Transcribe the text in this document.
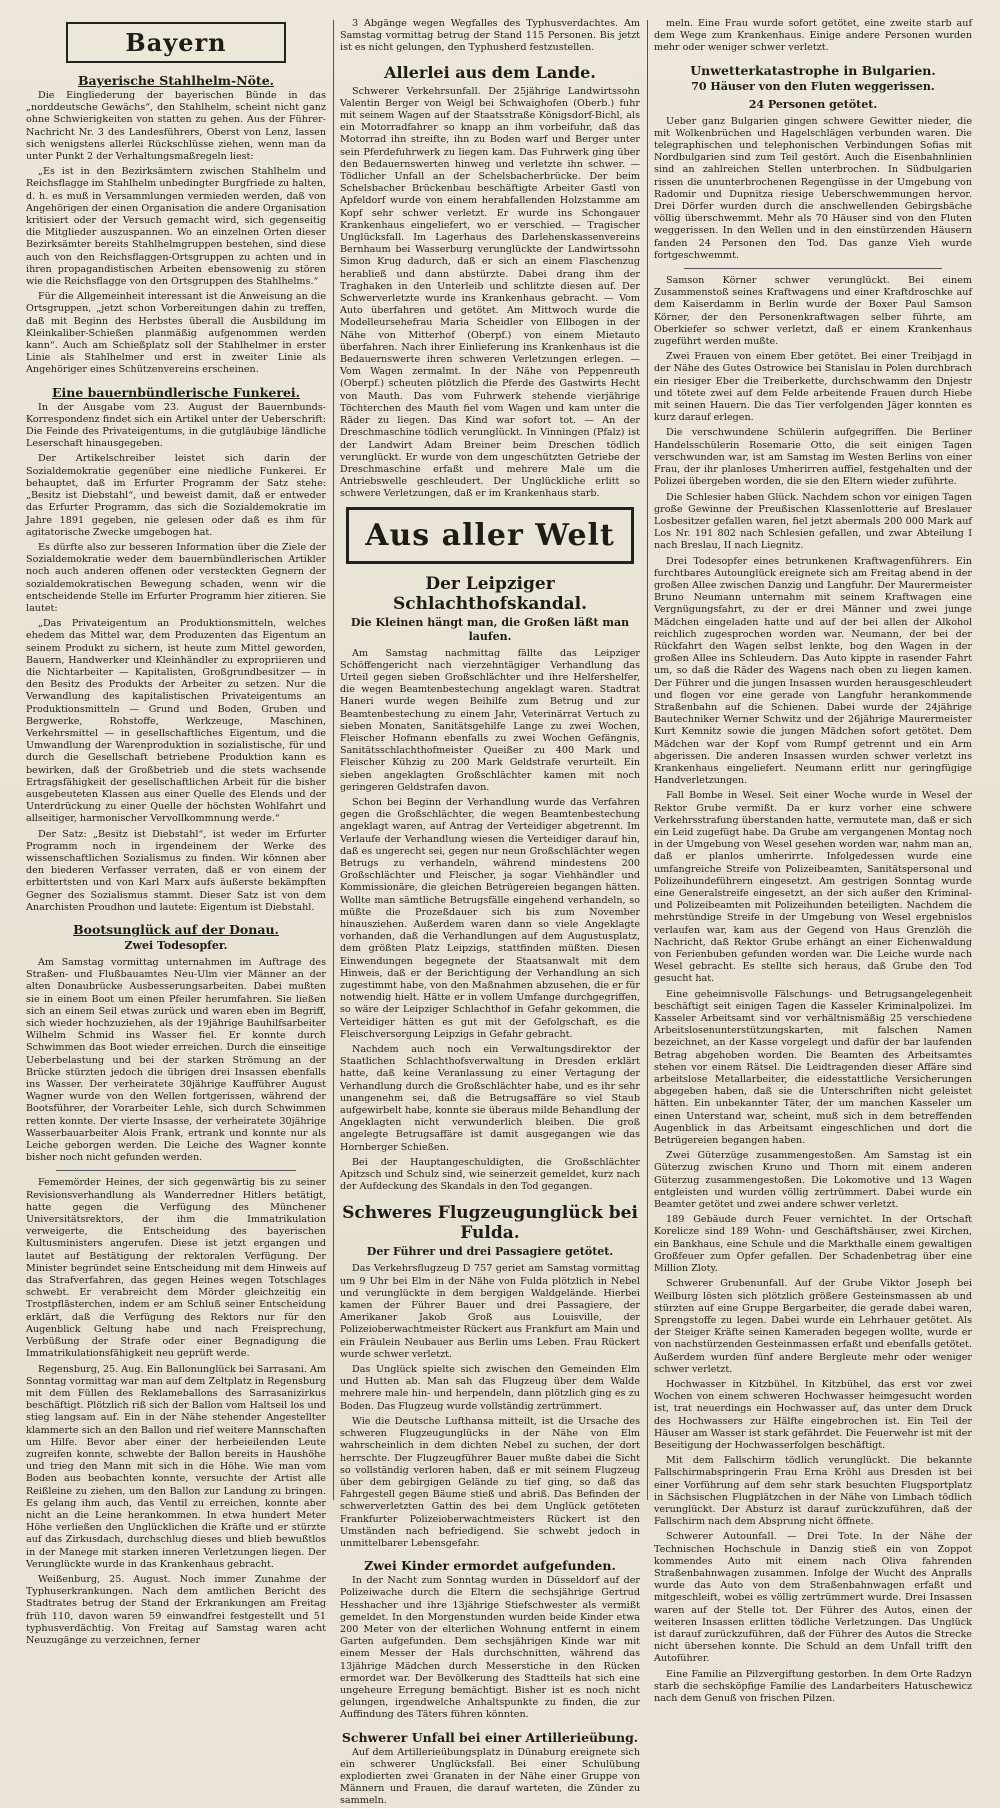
Bayern
Bayerische Stahlhelm-Nöte.

Die Eingliederung der bayerischen Bünde in das „norddeutsche Gewächs“, den Stahlhelm, scheint nicht ganz ohne Schwierigkeiten von statten zu gehen. Aus der Führer-Nachricht Nr. 3 des Landesführers, Oberst von Lenz, lassen sich wenigstens allerlei Rückschlüsse ziehen, wenn man da unter Punkt 2 der Verhaltungsmaßregeln liest:

„Es ist in den Bezirksämtern zwischen Stahlhelm und Reichsflagge im Stahlhelm unbedingter Burgfriede zu halten, d. h. es muß in Versammlungen vermieden werden, daß von Angehörigen der einen Organisation die andere Organisation kritisiert oder der Versuch gemacht wird, sich gegenseitig die Mitglieder auszuspannen. Wo an einzelnen Orten dieser Bezirksämter bereits Stahlhelmgruppen bestehen, sind diese auch von den Reichsflaggen-Ortsgruppen zu achten und in ihren propagandistischen Arbeiten ebensowenig zu stören wie die Reichsflagge von den Ortsgruppen des Stahlhelms.“

Für die Allgemeinheit interessant ist die Anweisung an die Ortsgruppen, „jetzt schon Vorbereitungen dahin zu treffen, daß mit Beginn des Herbstes überall die Ausbildung im Kleinkaliber-Schießen planmäßig aufgenommen werden kann“. Auch am Schießplatz soll der Stahlhelmer in erster Linie als Stahlhelmer und erst in zweiter Linie als Angehöriger eines Schützenvereins erscheinen.

Eine bauernbündlerische Funkerei.

In der Ausgabe vom 23. August der Bauernbunds-Korrespondenz findet sich ein Artikel unter der Ueberschrift: Die Feinde des Privateigentums, in die gutgläubige ländliche Leserschaft hinausgegeben.

Der Artikelschreiber leistet sich darin der Sozialdemokratie gegenüber eine niedliche Funkerei. Er behauptet, daß im Erfurter Programm der Satz stehe: „Besitz ist Diebstahl“, und beweist damit, daß er entweder das Erfurter Programm, das sich die Sozialdemokratie im Jahre 1891 gegeben, nie gelesen oder daß es ihm für agitatorische Zwecke umgebogen hat.

Es dürfte also zur besseren Information über die Ziele der Sozialdemokratie weder dem bauernbündlerischen Artikler noch auch anderen offenen oder versteckten Gegnern der sozialdemokratischen Bewegung schaden, wenn wir die entscheidende Stelle im Erfurter Programm hier zitieren. Sie lautet:

„Das Privateigentum an Produktionsmitteln, welches ehedem das Mittel war, dem Produzenten das Eigentum an seinem Produkt zu sichern, ist heute zum Mittel geworden, Bauern, Handwerker und Kleinhändler zu expropriieren und die Nichtarbeiter — Kapitalisten, Großgrundbesitzer — in den Besitz des Produkts der Arbeiter zu setzen. Nur die Verwandlung des kapitalistischen Privateigentums an Produktionsmitteln — Grund und Boden, Gruben und Bergwerke, Rohstoffe, Werkzeuge, Maschinen, Verkehrsmittel — in gesellschaftliches Eigentum, und die Umwandlung der Warenproduktion in sozialistische, für und durch die Gesellschaft betriebene Produktion kann es bewirken, daß der Großbetrieb und die stets wachsende Ertragsfähigkeit der gesellschaftlichen Arbeit für die bisher ausgebeuteten Klassen aus einer Quelle des Elends und der Unterdrückung zu einer Quelle der höchsten Wohlfahrt und allseitiger, harmonischer Vervollkommnung werde.“

Der Satz: „Besitz ist Diebstahl“, ist weder im Erfurter Programm noch in irgendeinem der Werke des wissenschaftlichen Sozialismus zu finden. Wir können aber den biederen Verfasser verraten, daß er von einem der erbittertsten und von Karl Marx aufs äußerste bekämpften Gegner des Sozialismus stammt. Dieser Satz ist von dem Anarchisten Proudhon und lautete: Eigentum ist Diebstahl.

Bootsunglück auf der Donau.
Zwei Todesopfer.

Am Samstag vormittag unternahmen im Auftrage des Straßen- und Flußbauamtes Neu-Ulm vier Männer an der alten Donaubrücke Ausbesserungsarbeiten. Dabei mußten sie in einem Boot um einen Pfeiler herumfahren. Sie ließen sich an einem Seil etwas zurück und waren eben im Begriff, sich wieder hochzuziehen, als der 19jährige Bauhilfsarbeiter Wilhelm Schmid ins Wasser fiel. Er konnte durch Schwimmen das Boot wieder erreichen. Durch die einseitige Ueberbelastung und bei der starken Strömung an der Brücke stürzten jedoch die übrigen drei Insassen ebenfalls ins Wasser. Der verheiratete 30jährige Kaufführer August Wagner wurde von den Wellen fortgerissen, während der Bootsführer, der Vorarbeiter Lehle, sich durch Schwimmen retten konnte. Der vierte Insasse, der verheiratete 30jährige Wasserbauarbeiter Alois Frank, ertrank und konnte nur als Leiche geborgen werden. Die Leiche des Wagner konnte bisher noch nicht gefunden werden.

Fememörder Heines, der sich gegenwärtig bis zu seiner Revisionsverhandlung als Wanderredner Hitlers betätigt, hatte gegen die Verfügung des Münchener Universitätsrektors, der ihm die Immatrikulation verweigerte, die Entscheidung des bayerischen Kultusministers angerufen. Diese ist jetzt ergangen und lautet auf Bestätigung der rektoralen Verfügung. Der Minister begründet seine Entscheidung mit dem Hinweis auf das Strafverfahren, das gegen Heines wegen Totschlages schwebt. Er verabreicht dem Mörder gleichzeitig ein Trostpflästerchen, indem er am Schluß seiner Entscheidung erklärt, daß die Verfügung des Rektors nur für den Augenblick Geltung habe und nach Freisprechung, Verbüßung der Strafe oder einer Begnadigung die Immatrikulationsfähigkeit neu geprüft werde.

Regensburg, 25. Aug. Ein Ballonunglück bei Sarrasani. Am Sonntag vormittag war man auf dem Zeltplatz in Regensburg mit dem Füllen des Reklameballons des Sarrasanizirkus beschäftigt. Plötzlich riß sich der Ballon vom Haltseil los und stieg langsam auf. Ein in der Nähe stehender Angestellter klammerte sich an den Ballon und rief weitere Mannschaften um Hilfe. Bevor aber einer der herbeieilenden Leute zugreifen konnte, schwebte der Ballon bereits in Haushöhe und trieg den Mann mit sich in die Höhe. Wie man vom Boden aus beobachten konnte, versuchte der Artist alle Reißleine zu ziehen, um den Ballon zur Landung zu bringen. Es gelang ihm auch, das Ventil zu erreichen, konnte aber nicht an die Leine herankommen. In etwa hundert Meter Höhe verließen den Unglücklichen die Kräfte und er stürzte auf das Zirkusdach, durchschlug dieses und blieb bewußtlos in der Manege mit starken inneren Verletzungen liegen. Der Verunglückte wurde in das Krankenhaus gebracht.

Weißenburg, 25. August. Noch immer Zunahme der Typhuserkrankungen. Nach dem amtlichen Bericht des Stadtrates betrug der Stand der Erkrankungen am Freitag früh 110, davon waren 59 einwandfrei festgestellt und 51 typhusverdächtig. Von Freitag auf Samstag waren acht Neuzugänge zu verzeichnen, ferner

3 Abgänge wegen Wegfalles des Typhusverdachtes. Am Samstag vormittag betrug der Stand 115 Personen. Bis jetzt ist es nicht gelungen, den Typhusherd festzustellen.

Allerlei aus dem Lande.

Schwerer Verkehrsunfall. Der 25jährige Landwirtssohn Valentin Berger von Weigl bei Schwaighofen (Oberb.) fuhr mit seinem Wagen auf der Staatsstraße Königsdorf-Bichl, als ein Motorradfahrer so knapp an ihm vorbeifuhr, daß das Motorrad ihn streifte, ihn zu Boden warf und Berger unter sein Pferdefuhrwerk zu liegen kam. Das Fuhrwerk ging über den Bedauernswerten hinweg und verletzte ihn schwer. — Tödlicher Unfall an der Schelsbacherbrücke. Der beim Schelsbacher Brückenbau beschäftigte Arbeiter Gastl von Apfeldorf wurde von einem herabfallenden Holzstamme am Kopf sehr schwer verletzt. Er wurde ins Schongauer Krankenhaus eingeliefert, wo er verschied. — Tragischer Unglücksfall. Im Lagerhaus des Darlehenskassenvereins Bernhaum bei Wasserburg verunglückte der Landwirtssohn Simon Krug dadurch, daß er sich an einem Flaschenzug herabließ und dann abstürzte. Dabei drang ihm der Traghaken in den Unterleib und schlitzte diesen auf. Der Schwerverletzte wurde ins Krankenhaus gebracht. — Vom Auto überfahren und getötet. Am Mittwoch wurde die Modelleursehefrau Maria Scheidler von Ellbogen in der Nähe von Mitterhof (Oberpf.) von einem Mietauto überfahren. Nach ihrer Einlieferung ins Krankenhaus ist die Bedauernswerte ihren schweren Verletzungen erlegen. — Vom Wagen zermalmt. In der Nähe von Peppenreuth (Oberpf.) scheuten plötzlich die Pferde des Gastwirts Hecht von Mauth. Das vom Fuhrwerk stehende vierjährige Töchterchen des Mauth fiel vom Wagen und kam unter die Räder zu liegen. Das Kind war sofort tot. — An der Dreschmaschine tödlich verunglückt. In Vinningen (Pfalz) ist der Landwirt Adam Breiner beim Dreschen tödlich verunglückt. Er wurde von dem ungeschützten Getriebe der Dreschmaschine erfaßt und mehrere Male um die Antriebswelle geschleudert. Der Unglückliche erlitt so schwere Verletzungen, daß er im Krankenhaus starb.

Aus aller Welt
Der Leipziger Schlachthofskandal.
Die Kleinen hängt man, die Großen läßt man laufen.

Am Samstag nachmittag fällte das Leipziger Schöffengericht nach vierzehntägiger Verhandlung das Urteil gegen sieben Großschlächter und ihre Helfershelfer, die wegen Beamtenbestechung angeklagt waren. Stadtrat Haneri wurde wegen Beihilfe zum Betrug und zur Beamtenbestechung zu einem Jahr, Veterinärrat Vertuch zu sieben Monaten, Sanitätsgehilfe Lange zu zwei Wochen, Fleischer Hofmann ebenfalls zu zwei Wochen Gefängnis, Sanitätsschlachthofmeister Queißer zu 400 Mark und Fleischer Kühzig zu 200 Mark Geldstrafe verurteilt. Ein sieben angeklagten Großschlächter kamen mit noch geringeren Geldstrafen davon.

Schon bei Beginn der Verhandlung wurde das Verfahren gegen die Großschlächter, die wegen Beamtenbestechung angeklagt waren, auf Antrag der Verteidiger abgetrennt. Im Verlaufe der Verhandlung wiesen die Verteidiger darauf hin, daß es ungerecht sei, gegen nur neun Großschlächter wegen Betrugs zu verhandeln, während mindestens 200 Großschlächter und Fleischer, ja sogar Viehhändler und Kommissionäre, die gleichen Betrügereien begangen hätten. Wollte man sämtliche Betrugsfälle eingehend verhandeln, so müßte die Prozeßdauer sich bis zum November hinausziehen. Außerdem waren dann so viele Angeklagte vorhanden, daß die Verhandlungen auf dem Augustusplatz, dem größten Platz Leipzigs, stattfinden müßten. Diesen Einwendungen begegnete der Staatsanwalt mit dem Hinweis, daß er der Berichtigung der Verhandlung an sich zugestimmt habe, von den Maßnahmen abzusehen, die er für notwendig hielt. Hätte er in vollem Umfange durchgegriffen, so wäre der Leipziger Schlachthof in Gefahr gekommen, die Verteidiger hätten es gut mit der Gefolgschaft, es die Fleischversorgung Leipzigs in Gefahr gebracht.

Nachdem auch noch ein Verwaltungsdirektor der Staatlichen Schlachthofsverwaltung in Dresden erklärt hatte, daß keine Veranlassung zu einer Vertagung der Verhandlung durch die Großschlächter habe, und es ihr sehr unangenehm sei, daß die Betrugsaffäre so viel Staub aufgewirbelt habe, konnte sie überaus milde Behandlung der Angeklagten nicht verwunderlich bleiben. Die groß angelegte Betrugsaffäre ist damit ausgegangen wie das Hornberger Schießen.

Bei der Hauptangeschuldigten, die Großschlächter Apitzsch und Schulz sind, wie seinerzeit gemeldet, kurz nach der Aufdeckung des Skandals in den Tod gegangen.

Schweres Flugzeugunglück bei Fulda.
Der Führer und drei Passagiere getötet.

Das Verkehrsflugzeug D 757 geriet am Samstag vormittag um 9 Uhr bei Elm in der Nähe von Fulda plötzlich in Nebel und verunglückte in dem bergigen Waldgelände. Hierbei kamen der Führer Bauer und drei Passagiere, der Amerikaner Jakob Groß aus Louisville, der Polizeioberwachtmeister Rückert aus Frankfurt am Main und ein Fräulein Neubauer aus Berlin ums Leben. Frau Rückert wurde schwer verletzt.

Das Unglück spielte sich zwischen den Gemeinden Elm und Hutten ab. Man sah das Flugzeug über dem Walde mehrere male hin- und herpendeln, dann plötzlich ging es zu Boden. Das Flugzeug wurde vollständig zertrümmert.

Wie die Deutsche Lufthansa mitteilt, ist die Ursache des schweren Flugzeugunglücks in der Nähe von Elm wahrscheinlich in dem dichten Nebel zu suchen, der dort herrschte. Der Flugzeugführer Bauer mußte dabei die Sicht so vollständig verloren haben, daß er mit seinem Flugzeug über dem gebirgigen Gelände zu tief ging, so daß das Fahrgestell gegen Bäume stieß und abriß. Das Befinden der schwerverletzten Gattin des bei dem Unglück getöteten Frankfurter Polizeioberwachtmeisters Rückert ist den Umständen nach befriedigend. Sie schwebt jedoch in unmittelbarer Lebensgefahr.

Zwei Kinder ermordet aufgefunden.

In der Nacht zum Sonntag wurden in Düsseldorf auf der Polizeiwache durch die Eltern die sechsjährige Gertrud Hesshacher und ihre 13jährige Stiefschwester als vermißt gemeldet. In den Morgenstunden wurden beide Kinder etwa 200 Meter von der elterlichen Wohnung entfernt in einem Garten aufgefunden. Dem sechsjährigen Kinde war mit einem Messer der Hals durchschnitten, während das 13jährige Mädchen durch Messerstiche in den Rücken ermordet war. Der Bevölkerung des Stadtteils hat sich eine ungeheure Erregung bemächtigt. Bisher ist es noch nicht gelungen, irgendwelche Anhaltspunkte zu finden, die zur Auffindung des Täters führen könnten.

Schwerer Unfall bei einer Artillerieübung.

Auf dem Artillerieübungsplatz in Dünaburg ereignete sich ein schwerer Unglücksfall. Bei einer Schulübung explodierten zwei Granaten in der Nähe einer Gruppe von Männern und Frauen, die darauf warteten, die Zünder zu sammeln.

meln. Eine Frau wurde sofort getötet, eine zweite starb auf dem Wege zum Krankenhaus. Einige andere Personen wurden mehr oder weniger schwer verletzt.

Unwetterkatastrophe in Bulgarien.
70 Häuser von den Fluten weggerissen.
24 Personen getötet.

Ueber ganz Bulgarien gingen schwere Gewitter nieder, die mit Wolkenbrüchen und Hagelschlägen verbunden waren. Die telegraphischen und telephonischen Verbindungen Sofias mit Nordbulgarien sind zum Teil gestört. Auch die Eisenbahnlinien sind an zahlreichen Stellen unterbrochen. In Südbulgarien rissen die ununterbrochenen Regengüsse in der Umgebung von Radomir und Dupnitza riesige Ueberschwemmungen hervor. Drei Dörfer wurden durch die anschwellenden Gebirgsbäche völlig überschwemmt. Mehr als 70 Häuser sind von den Fluten weggerissen. In den Wellen und in den einstürzenden Häusern fanden 24 Personen den Tod. Das ganze Vieh wurde fortgeschwemmt.

Samson Körner schwer verunglückt. Bei einem Zusammenstoß seines Kraftwagens und einer Kraftdroschke auf dem Kaiserdamm in Berlin wurde der Boxer Paul Samson Körner, der den Personenkraftwagen selber führte, am Oberkiefer so schwer verletzt, daß er einem Krankenhaus zugeführt werden mußte.

Zwei Frauen von einem Eber getötet. Bei einer Treibjagd in der Nähe des Gutes Ostrowice bei Stanislau in Polen durchbrach ein riesiger Eber die Treiberkette, durchschwamm den Dnjestr und tötete zwei auf dem Felde arbeitende Frauen durch Hiebe mit seinen Hauern. Die das Tier verfolgenden Jäger konnten es kurz darauf erlegen.

Die verschwundene Schülerin aufgegriffen. Die Berliner Handelsschülerin Rosemarie Otto, die seit einigen Tagen verschwunden war, ist am Samstag im Westen Berlins von einer Frau, der ihr planloses Umherirren auffiel, festgehalten und der Polizei übergeben worden, die sie den Eltern wieder zuführte.

Die Schlesier haben Glück. Nachdem schon vor einigen Tagen große Gewinne der Preußischen Klassenlotterie auf Breslauer Losbesitzer gefallen waren, fiel jetzt abermals 200 000 Mark auf Los Nr. 191 802 nach Schlesien gefallen, und zwar Abteilung I nach Breslau, II nach Liegnitz.

Drei Todesopfer eines betrunkenen Kraftwagenführers. Ein furchtbares Autounglück ereignete sich am Freitag abend in der großen Allee zwischen Danzig und Langfuhr. Der Maurermeister Bruno Neumann unternahm mit seinem Kraftwagen eine Vergnügungsfahrt, zu der er drei Männer und zwei junge Mädchen eingeladen hatte und auf der bei allen der Alkohol reichlich zugesprochen worden war. Neumann, der bei der Rückfahrt den Wagen selbst lenkte, bog den Wagen in der großen Allee ins Schleudern. Das Auto kippte in rasender Fahrt um, so daß die Räder des Wagens nach oben zu liegen kamen. Der Führer und die jungen Insassen wurden herausgeschleudert und flogen vor eine gerade von Langfuhr herankommende Straßenbahn auf die Schienen. Dabei wurde der 24jährige Bautechniker Werner Schwitz und der 26jährige Maurermeister Kurt Kemnitz sowie die jungen Mädchen sofort getötet. Dem Mädchen war der Kopf vom Rumpf getrennt und ein Arm abgerissen. Die anderen Insassen wurden schwer verletzt ins Krankenhaus eingeliefert. Neumann erlitt nur geringfügige Handverletzungen.

Fall Bombe in Wesel. Seit einer Woche wurde in Wesel der Rektor Grube vermißt. Da er kurz vorher eine schwere Verkehrsstrafung überstanden hatte, vermutete man, daß er sich ein Leid zugefügt habe. Da Grube am vergangenen Montag noch in der Umgebung von Wesel gesehen worden war, nahm man an, daß er planlos umherirrte. Infolgedessen wurde eine umfangreiche Streife von Polizeibeamten, Sanitätspersonal und Polizeihundeführern eingesetzt. Am gestrigen Sonntag wurde eine Generalstreife eingesetzt, an der sich außer den Kriminal- und Polizeibeamten mit Polizeihunden beteiligten. Nachdem die mehrstündige Streife in der Umgebung von Wesel ergebnislos verlaufen war, kam aus der Gegend von Haus Grenzlöh die Nachricht, daß Rektor Grube erhängt an einer Eichenwaldung von Ferienbuben gefunden worden war. Die Leiche wurde nach Wesel gebracht. Es stellte sich heraus, daß Grube den Tod gesucht hat.

Eine geheimnisvolle Fälschungs- und Betrugsangelegenheit beschäftigt seit einigen Tagen die Kasseler Kriminalpolizei. Im Kasseler Arbeitsamt sind vor verhältnismäßig 25 verschiedene Arbeitslosenunterstützungskarten, mit falschen Namen bezeichnet, an der Kasse vorgelegt und dafür der bar laufenden Betrag abgehoben worden. Die Beamten des Arbeitsamtes stehen vor einem Rätsel. Die Leidtragenden dieser Affäre sind arbeitslose Metallarbeiter, die eidesstattliche Versicherungen abgegeben haben, daß sie die Unterschriften nicht geleistet hätten. Ein unbekannter Täter, der um manchen Kasseler um einen Unterstand war, scheint, muß sich in dem betreffenden Augenblick in das Arbeitsamt eingeschlichen und dort die Betrügereien begangen haben.

Zwei Güterzüge zusammengestoßen. Am Samstag ist ein Güterzug zwischen Kruno und Thorn mit einem anderen Güterzug zusammengestoßen. Die Lokomotive und 13 Wagen entgleisten und wurden völlig zertrümmert. Dabei wurde ein Beamter getötet und zwei andere schwer verletzt.

189 Gebäude durch Feuer vernichtet. In der Ortschaft Korelicze sind 189 Wohn- und Geschäftshäuser, zwei Kirchen, ein Bankhaus, eine Schule und die Markthalle einem gewaltigen Großfeuer zum Opfer gefallen. Der Schadenbetrag über eine Million Zloty.

Schwerer Grubenunfall. Auf der Grube Viktor Joseph bei Weilburg lösten sich plötzlich größere Gesteinsmassen ab und stürzten auf eine Gruppe Bergarbeiter, die gerade dabei waren, Sprengstoffe zu legen. Dabei wurde ein Lehrhauer getötet. Als der Steiger Kräfte seinen Kameraden begegen wollte, wurde er von nachstürzenden Gesteinmassen erfaßt und ebenfalls getötet. Außerdem wurden fünf andere Bergleute mehr oder weniger schwer verletzt.

Hochwasser in Kitzbühel. In Kitzbühel, das erst vor zwei Wochen von einem schweren Hochwasser heimgesucht worden ist, trat neuerdings ein Hochwasser auf, das unter dem Druck des Hochwassers zur Hälfte eingebrochen ist. Ein Teil der Häuser am Wasser ist stark gefährdet. Die Feuerwehr ist mit der Beseitigung der Hochwasserfolgen beschäftigt.

Mit dem Fallschirm tödlich verunglückt. Die bekannte Fallschirmabspringerin Frau Erna Kröhl aus Dresden ist bei einer Vorführung auf dem sehr stark besuchten Flugsportplatz in Sächsischen Flugplätzchen in der Nähe von Limbach tödlich verunglückt. Der Absturz ist darauf zurückzuführen, daß der Fallschirm nach dem Absprung nicht öffnete.

Schwerer Autounfall. — Drei Tote. In der Nähe der Technischen Hochschule in Danzig stieß ein von Zoppot kommendes Auto mit einem nach Oliva fahrenden Straßenbahnwagen zusammen. Infolge der Wucht des Anpralls wurde das Auto von dem Straßenbahnwagen erfaßt und mitgeschleift, wobei es völlig zertrümmert wurde. Drei Insassen waren auf der Stelle tot. Der Führer des Autos, einen der weiteren Insassen erlitten tödliche Verletzungen. Das Unglück ist darauf zurückzuführen, daß der Führer des Autos die Strecke nicht übersehen konnte. Die Schuld an dem Unfall trifft den Autoführer.

Eine Familie an Pilzvergiftung gestorben. In dem Orte Radzyn starb die sechsköpfige Familie des Landarbeiters Hatuschewicz nach dem Genuß von frischen Pilzen.
